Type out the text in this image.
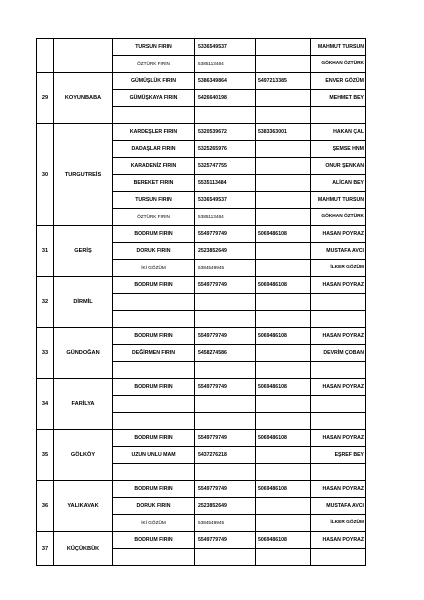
		TURSUN FIRIN	5336549537		MAHMUT TURSUN
		ÖZTÜRK FIRIN	5385113484		GÖKHAN ÖZTÜRK
29	KOYUNBABA	GÜMÜŞLÜK FIRIN	5386349864	5497213385	ENVER GÖZÜM
		GÜMÜŞKAYA FIRIN	5426640198		MEHMET BEY

30	TURGUTREİS	KARDEŞLER FIRIN	5320539672	5383363001	HAKAN ÇAL
		DADAŞLAR FIRIN	5325265976		ŞEMSE HNM
		KARADENİZ FIRIN	5325747755		ONUR ŞENKAN
		BEREKET FIRIN	5535113484		ALİCAN BEY
		TURSUN FIRIN	5336549537		MAHMUT TURSUN
		ÖZTÜRK FIRIN	5385113484		GÖKHAN ÖZTÜRK
31	GERİŞ	BODRUM FIRIN	5549779749	5069486108	HASAN POYRAZ
		DORUK FIRIN	2523852649		MUSTAFA AVCI
		İKİ GÖZÜM	5384549945		İLKER GÖZÜM
32	DİRMİL	BODRUM FIRIN	5549779749	5069486108	HASAN POYRAZ

33	GÜNDOĞAN	BODRUM FIRIN	5549779749	5069486108	HASAN POYRAZ
		DEĞİRMEN FIRIN	5458274586		DEVRİM ÇOBAN

34	FARİLYA	BODRUM FIRIN	5549779749	5069486108	HASAN POYRAZ

35	GÖLKÖY	BODRUM FIRIN	5549779749	5069486108	HASAN POYRAZ
		UZUN UNLU MAM	5437276218		EŞREF BEY

36	YALIKAVAK	BODRUM FIRIN	5549779749	5069486108	HASAN POYRAZ
		DORUK FIRIN	2523852649		MUSTAFA AVCI
		İKİ GÖZÜM	5384549945		İLKER GÖZÜM
37	KÜÇÜKBÜK	BODRUM FIRIN	5549779749	5069486108	HASAN POYRAZ
